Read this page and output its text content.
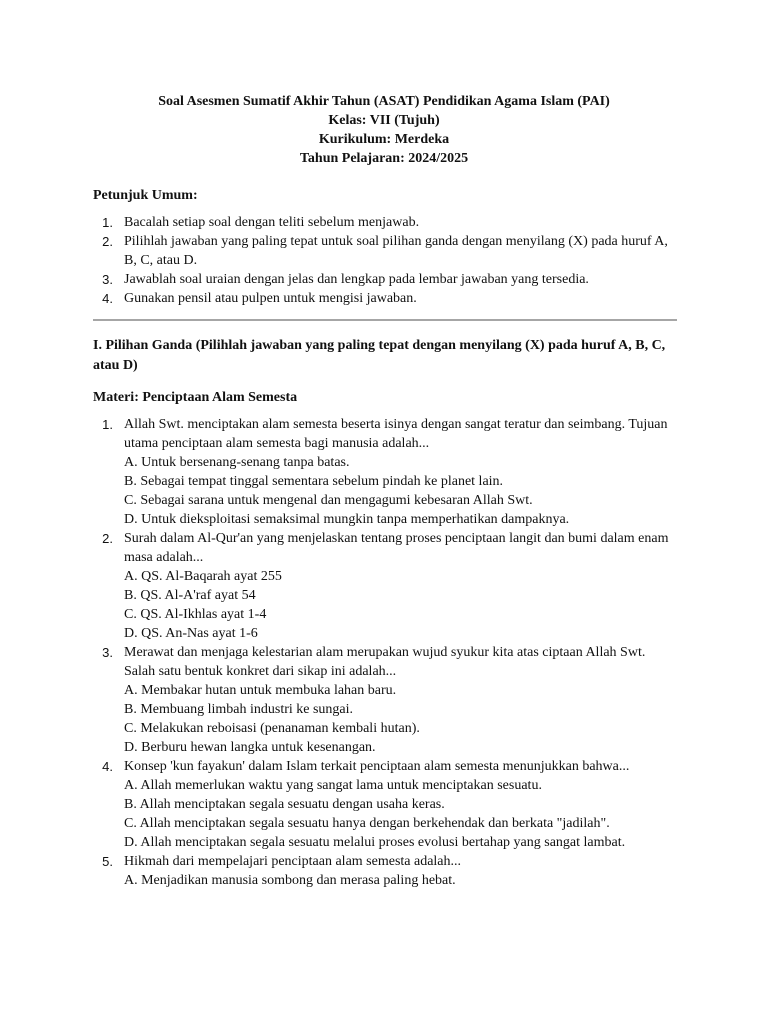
Soal Asesmen Sumatif Akhir Tahun (ASAT) Pendidikan Agama Islam (PAI)
Kelas: VII (Tujuh)
Kurikulum: Merdeka
Tahun Pelajaran: 2024/2025
Petunjuk Umum:
1. Bacalah setiap soal dengan teliti sebelum menjawab.
2. Pilihlah jawaban yang paling tepat untuk soal pilihan ganda dengan menyilang (X) pada huruf A, B, C, atau D.
3. Jawablah soal uraian dengan jelas dan lengkap pada lembar jawaban yang tersedia.
4. Gunakan pensil atau pulpen untuk mengisi jawaban.
I. Pilihan Ganda (Pilihlah jawaban yang paling tepat dengan menyilang (X) pada huruf A, B, C, atau D)
Materi: Penciptaan Alam Semesta
1. Allah Swt. menciptakan alam semesta beserta isinya dengan sangat teratur dan seimbang. Tujuan utama penciptaan alam semesta bagi manusia adalah...
A. Untuk bersenang-senang tanpa batas.
B. Sebagai tempat tinggal sementara sebelum pindah ke planet lain.
C. Sebagai sarana untuk mengenal dan mengagumi kebesaran Allah Swt.
D. Untuk dieksploitasi semaksimal mungkin tanpa memperhatikan dampaknya.
2. Surah dalam Al-Qur'an yang menjelaskan tentang proses penciptaan langit dan bumi dalam enam masa adalah...
A. QS. Al-Baqarah ayat 255
B. QS. Al-A'raf ayat 54
C. QS. Al-Ikhlas ayat 1-4
D. QS. An-Nas ayat 1-6
3. Merawat dan menjaga kelestarian alam merupakan wujud syukur kita atas ciptaan Allah Swt. Salah satu bentuk konkret dari sikap ini adalah...
A. Membakar hutan untuk membuka lahan baru.
B. Membuang limbah industri ke sungai.
C. Melakukan reboisasi (penanaman kembali hutan).
D. Berburu hewan langka untuk kesenangan.
4. Konsep 'kun fayakun' dalam Islam terkait penciptaan alam semesta menunjukkan bahwa...
A. Allah memerlukan waktu yang sangat lama untuk menciptakan sesuatu.
B. Allah menciptakan segala sesuatu dengan usaha keras.
C. Allah menciptakan segala sesuatu hanya dengan berkehendak dan berkata "jadilah".
D. Allah menciptakan segala sesuatu melalui proses evolusi bertahap yang sangat lambat.
5. Hikmah dari mempelajari penciptaan alam semesta adalah...
A. Menjadikan manusia sombong dan merasa paling hebat.
